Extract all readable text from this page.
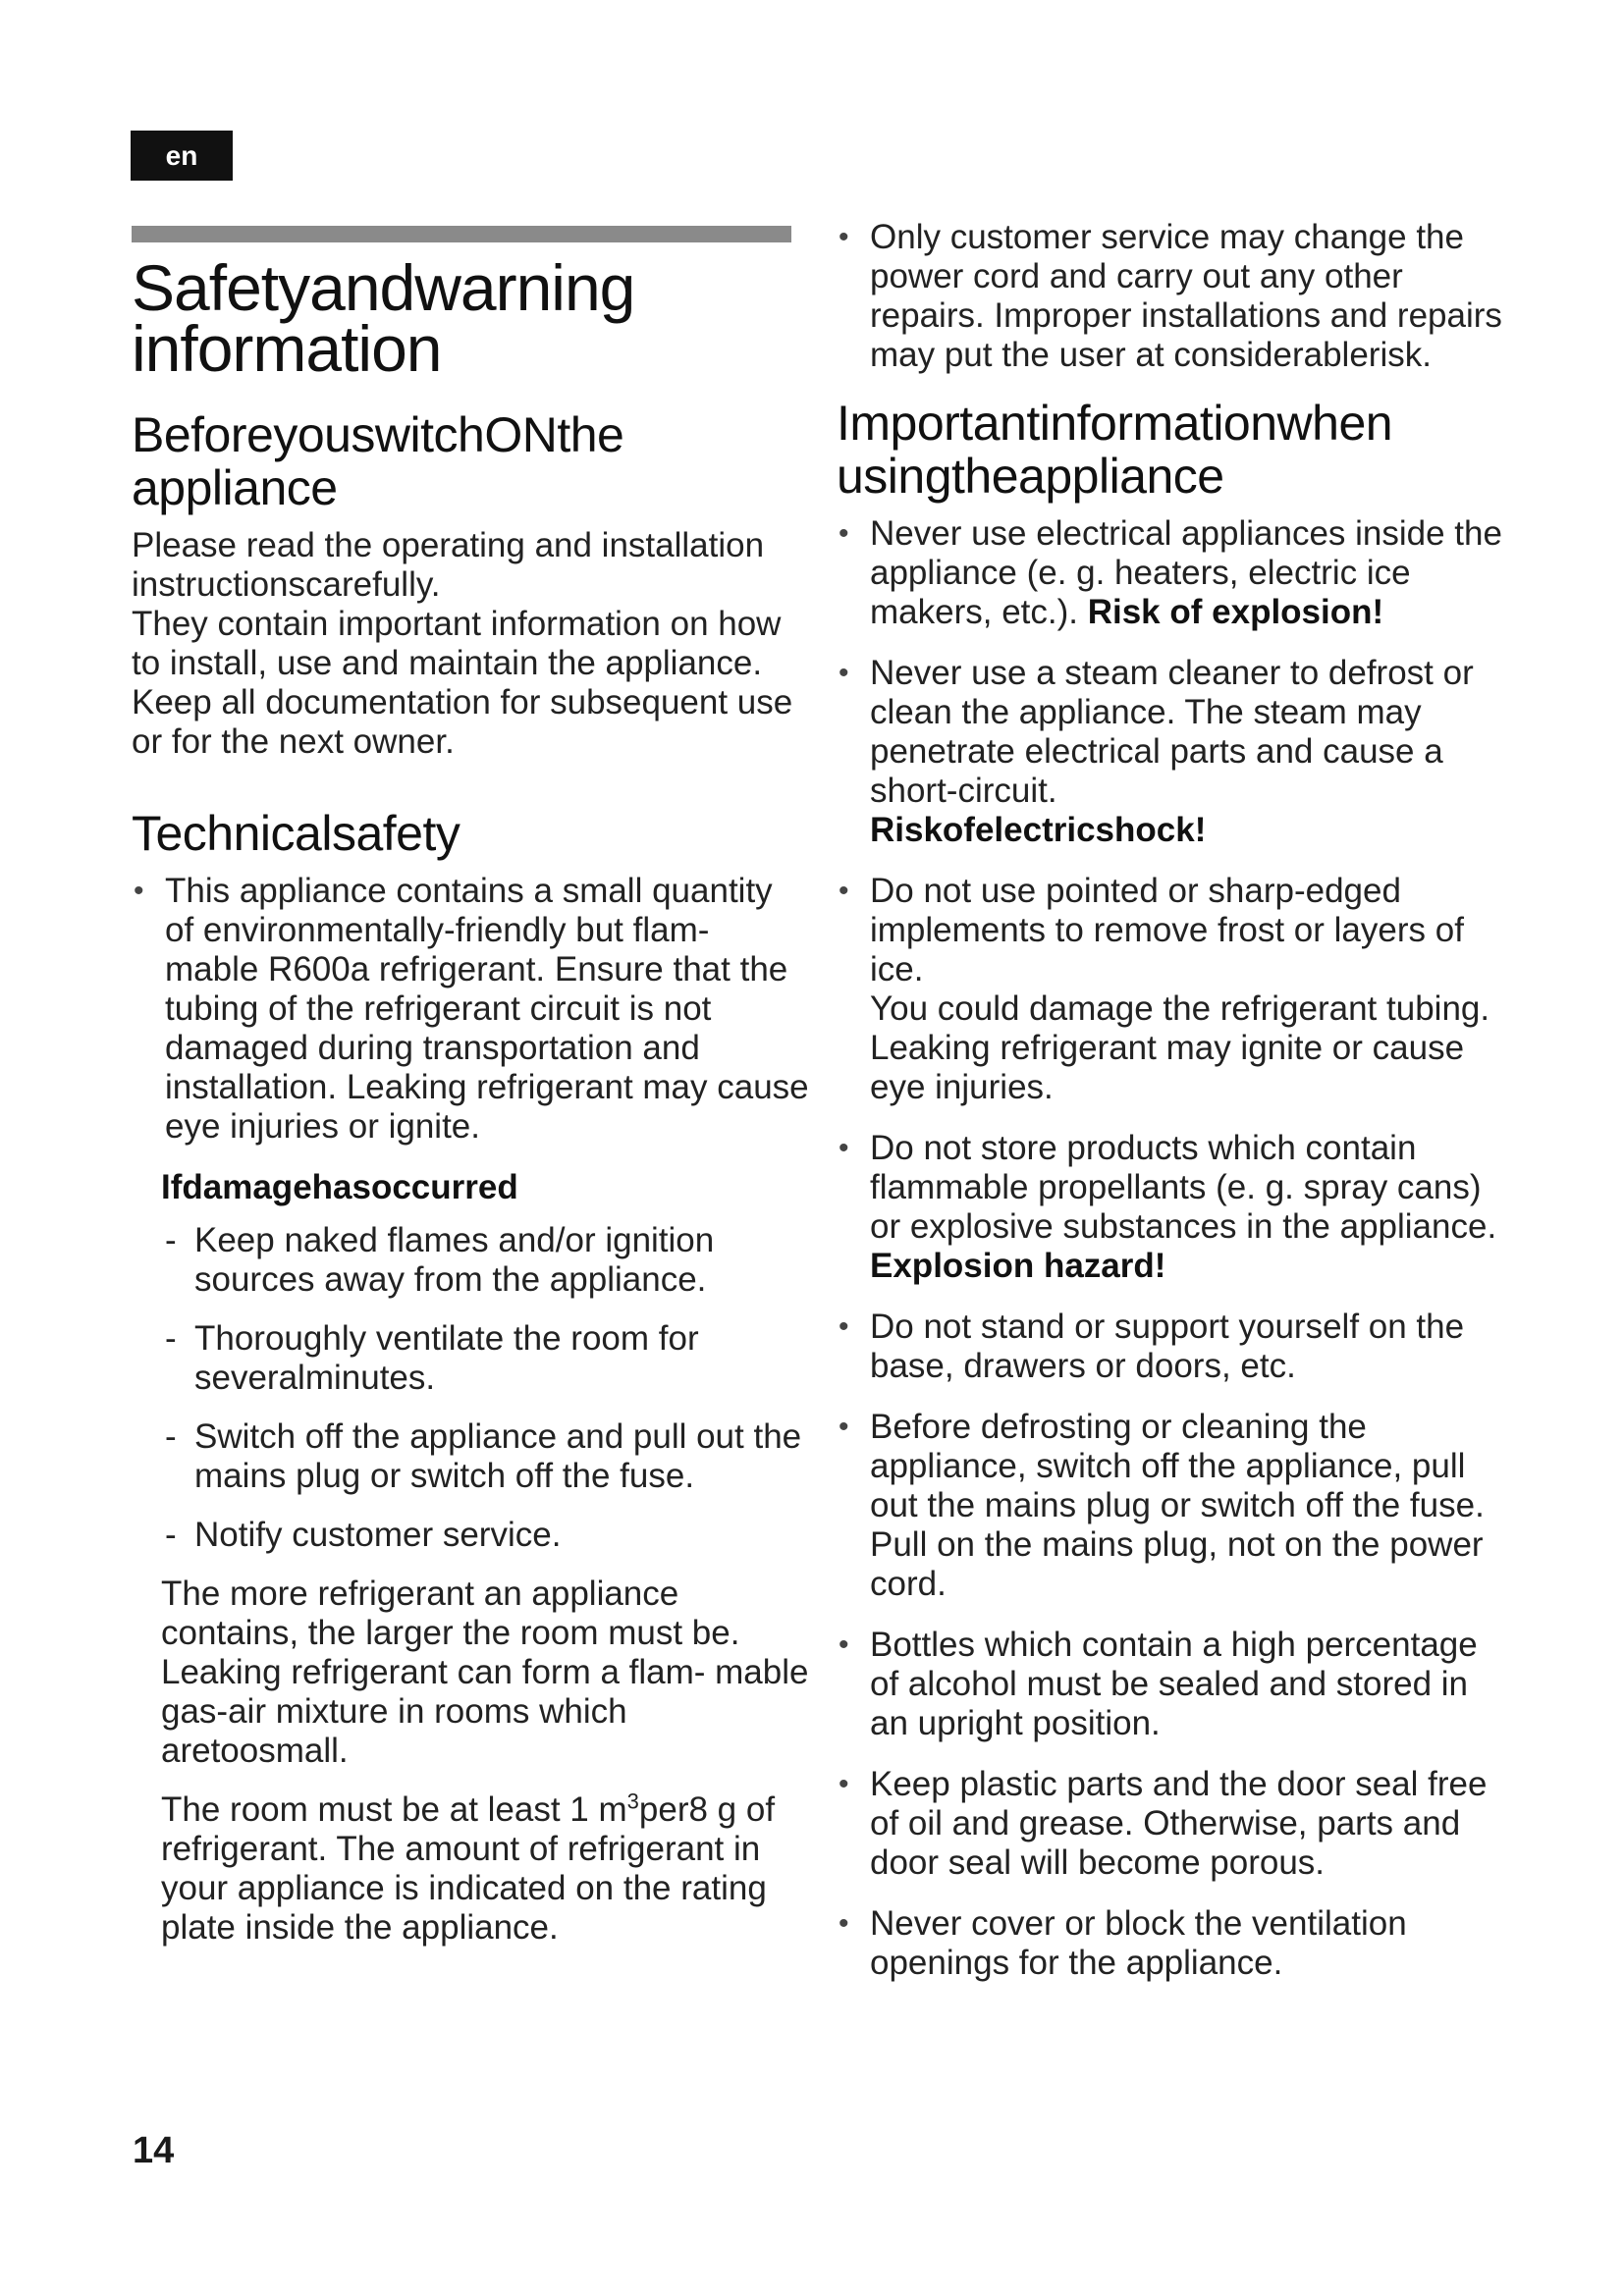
en
Safetyandwarning
information
BeforeyouswitchONthe
appliance

Please read the operating and installation instructionscarefully.

They contain important information on how to install, use and maintain the appliance.

Keep all documentation for subsequent use or for the next owner.

Technicalsafety
• This appliance contains a small quantity of environmentally-friendly but flam- mable R600a refrigerant. Ensure that the tubing of the refrigerant circuit is not damaged during transportation and installation. Leaking refrigerant may cause eye injuries or ignite.
Ifdamagehasoccurred
- Keep naked flames and/or ignition sources away from the appliance.
- Thoroughly ventilate the room for severalminutes.
- Switch off the appliance and pull out the mains plug or switch off the fuse.
- Notify customer service.

The more refrigerant an appliance contains, the larger the room must be. Leaking refrigerant can form a flam- mable gas-air mixture in rooms which aretoosmall.

The room must be at least 1 $m^3per8$ g of refrigerant. The amount of refrigerant in your appliance is indicated on the rating plate inside the appliance.

• Only customer service may change the power cord and carry out any other repairs. Improper installations and repairs may put the user at considerablerisk.
Importantinformationwhen
usingtheappliance
• Never use electrical appliances inside the appliance (e. g. heaters, electric ice makers, etc.). Risk of explosion!
• Never use a steam cleaner to defrost or clean the appliance. The steam may penetrate electrical parts and cause a short-circuit.
Riskofelectricshock!
• Do not use pointed or sharp-edged implements to remove frost or layers of ice.
You could damage the refrigerant tubing. Leaking refrigerant may ignite or cause eye injuries.
• Do not store products which contain flammable propellants (e. g. spray cans) or explosive substances in the appliance. Explosion hazard!
• Do not stand or support yourself on the base, drawers or doors, etc.
• Before defrosting or cleaning the appliance, switch off the appliance, pull out the mains plug or switch off the fuse.
Pull on the mains plug, not on the power cord.
• Bottles which contain a high percentage of alcohol must be sealed and stored in an upright position.
• Keep plastic parts and the door seal free of oil and grease. Otherwise, parts and door seal will become porous.
• Never cover or block the ventilation openings for the appliance.
14
